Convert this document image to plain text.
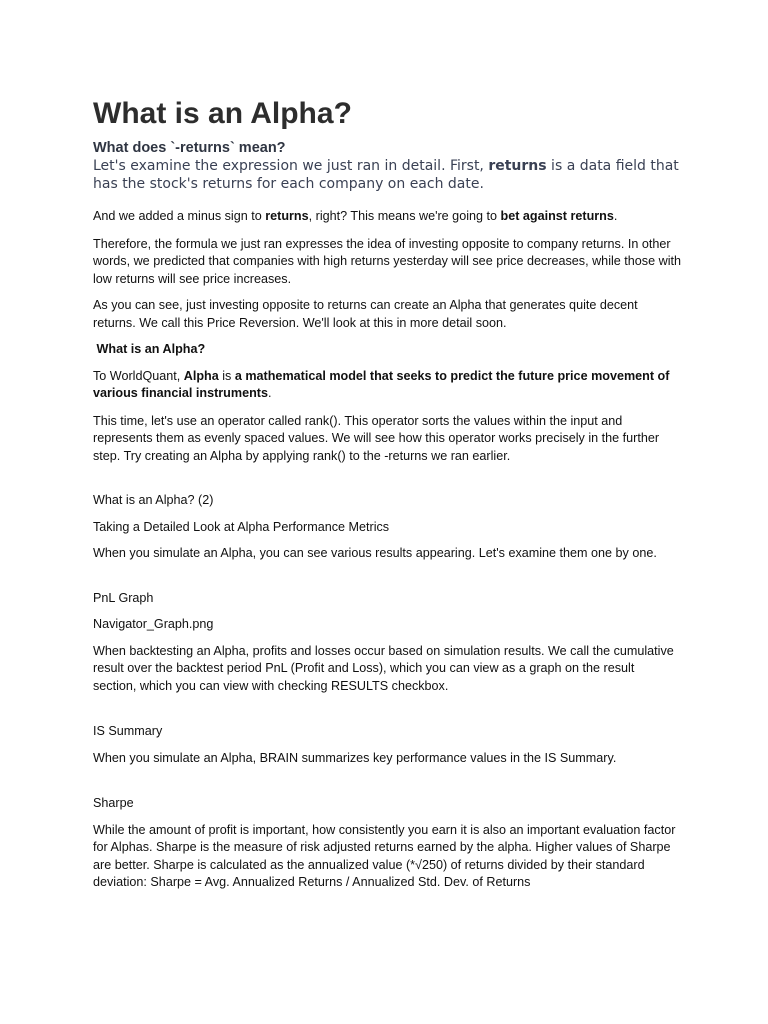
What is an Alpha?
What does `-returns` mean?
Let's examine the expression we just ran in detail. First, returns is a data field that has the stock's returns for each company on each date.

And we added a minus sign to returns, right? This means we're going to bet against returns.

Therefore, the formula we just ran expresses the idea of investing opposite to company returns. In other words, we predicted that companies with high returns yesterday will see price decreases, while those with low returns will see price increases.

As you can see, just investing opposite to returns can create an Alpha that generates quite decent returns. We call this Price Reversion. We'll look at this in more detail soon.

What is an Alpha?

To WorldQuant, Alpha is a mathematical model that seeks to predict the future price movement of various financial instruments.

This time, let's use an operator called rank(). This operator sorts the values within the input and represents them as evenly spaced values. We will see how this operator works precisely in the further step. Try creating an Alpha by applying rank() to the -returns we ran earlier.

What is an Alpha? (2)

Taking a Detailed Look at Alpha Performance Metrics

When you simulate an Alpha, you can see various results appearing. Let's examine them one by one.

PnL Graph

Navigator_Graph.png

When backtesting an Alpha, profits and losses occur based on simulation results. We call the cumulative result over the backtest period PnL (Profit and Loss), which you can view as a graph on the result section, which you can view with checking RESULTS checkbox.

IS Summary

When you simulate an Alpha, BRAIN summarizes key performance values in the IS Summary.

Sharpe

While the amount of profit is important, how consistently you earn it is also an important evaluation factor for Alphas. Sharpe is the measure of risk adjusted returns earned by the alpha. Higher values of Sharpe are better. Sharpe is calculated as the annualized value (*√250) of returns divided by their standard deviation: Sharpe = Avg. Annualized Returns / Annualized Std. Dev. of Returns
